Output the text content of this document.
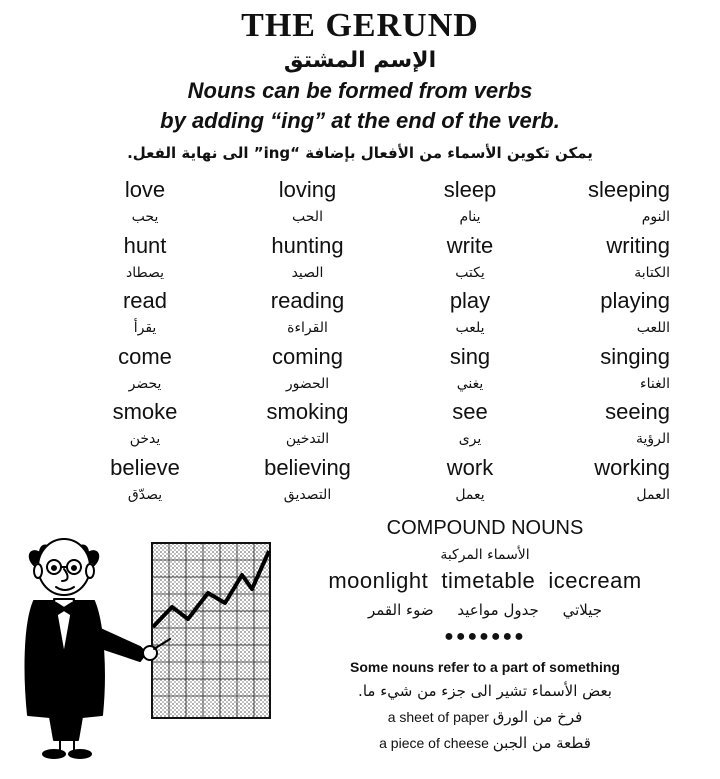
THE GERUND
الإسم المشتق
Nouns can be formed from verbs
by adding “ing” at the end of the verb.
يمكن تكوين الأسماء من الأفعال بإضافة “ing” الى نهاية الفعل.
love	loving	sleep	sleeping
يحب	الحب	ينام	النوم
hunt	hunting	write	writing
يصطاد	الصيد	يكتب	الكتابة
read	reading	play	playing
يقرأ	القراءة	يلعب	اللعب
come	coming	sing	singing
يحضر	الحضور	يغني	الغناء
smoke	smoking	see	seeing
يدخن	التدخين	يرى	الرؤية
believe	believing	work	working
يصدّق	التصديق	يعمل	العمل
COMPOUND NOUNS
الأسماء المركبة
moonlight  timetable  icecream
جيلاتي     جدول مواعيد     ضوء القمر
●●●●●●●
Some nouns refer to a part of something
بعض الأسماء تشير الى جزء من شيء ما.
a sheet of paper فرخ من الورق
a piece of cheese قطعة من الجبن
